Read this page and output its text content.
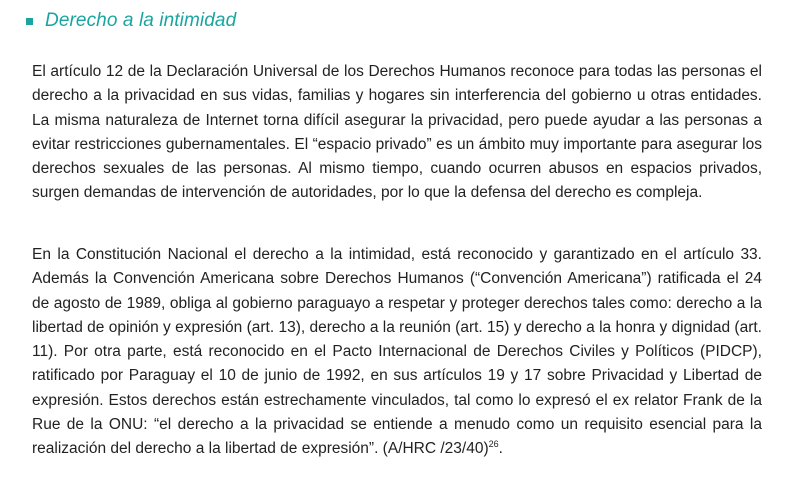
Derecho a la intimidad

El artículo 12 de la Declaración Universal de los Derechos Humanos reconoce para todas las personas el derecho a la privacidad en sus vidas, familias y hogares sin interferencia del gobierno u otras entidades. La misma naturaleza de Internet torna difícil asegurar la privacidad, pero puede ayudar a las personas a evitar restricciones gubernamentales. El “espacio privado” es un ámbito muy importante para asegurar los derechos sexuales de las personas. Al mismo tiempo, cuando ocurren abusos en espacios privados, surgen demandas de intervención de autoridades, por lo que la defensa del derecho es compleja.

En la Constitución Nacional el derecho a la intimidad, está reconocido y garantizado en el artículo 33. Además la Convención Americana sobre Derechos Humanos (“Convención Americana”) ratificada el 24 de agosto de 1989, obliga al gobierno paraguayo a respetar y proteger derechos tales como: derecho a la libertad de opinión y expresión (art. 13), derecho a la reunión (art. 15) y derecho a la honra y dignidad (art. 11). Por otra parte, está reconocido en el Pacto Internacional de Derechos Civiles y Políticos (PIDCP), ratificado por Paraguay el 10 de junio de 1992, en sus artículos 19 y 17 sobre Privacidad y Libertad de expresión. Estos derechos están estrechamente vinculados, tal como lo expresó el ex relator Frank de la Rue de la ONU: “el derecho a la privacidad se entiende a menudo como un requisito esencial para la realización del derecho a la libertad de expresión”. (A/HRC /23/40)$^{26}$.
